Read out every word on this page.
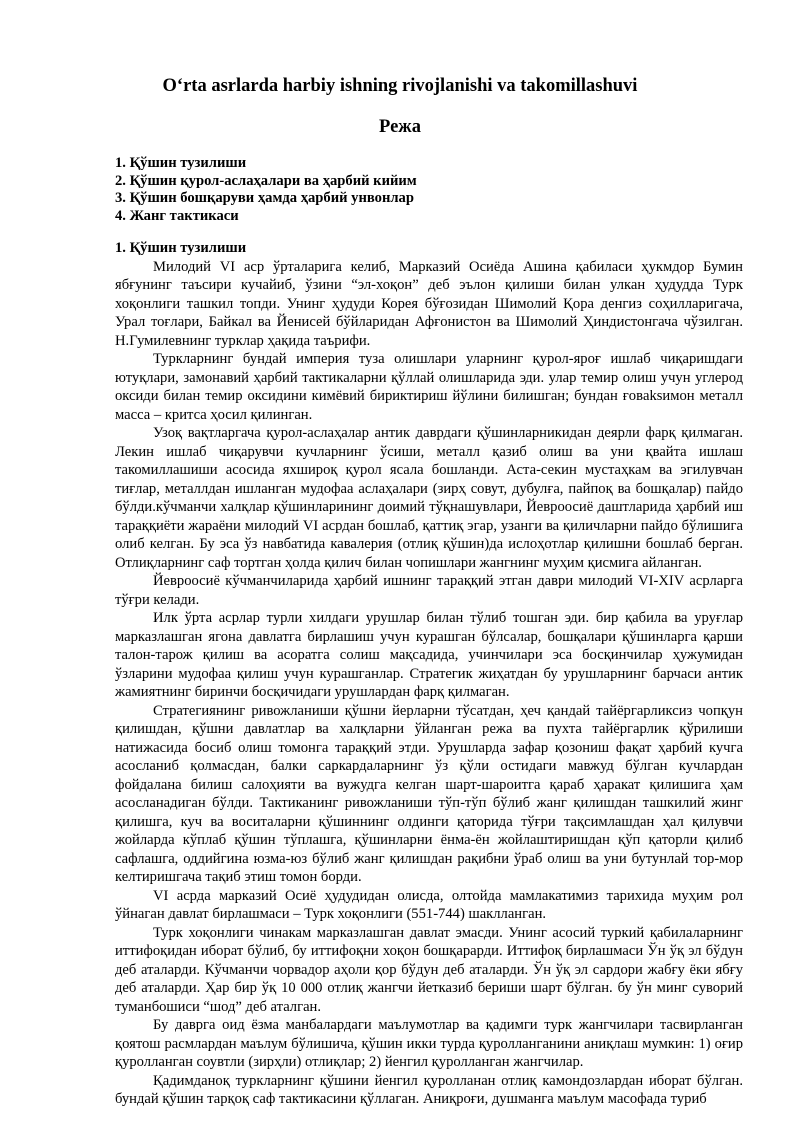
O‘rta asrlarda harbiy ishning rivojlanishi va takomillashuvi
Режа
1. Қўшин тузилиши
2. Қўшин қурол-аслаҳалари ва ҳарбий кийим
3. Қўшин бошқаруви ҳамда ҳарбий унвонлар
4. Жанг тактикаси
1. Қўшин тузилиши

Милодий VI аср ўрталарига келиб, Марказий Осиёда Ашина қабиласи ҳукмдор Бумин ябғунинг таъсири кучайиб, ўзини “эл-хоқон” деб эълон қилиши билан улкан ҳудудда Турк хоқонлиги ташкил топди. Унинг ҳудуди Корея бўғозидан Шимолий Қора денгиз соҳилларигача, Урал тоғлари, Байкал ва Йенисей бўйларидан Афғонистон ва Шимолий Ҳиндистонгача чўзилган. Н.Гумилевнинг турклар ҳақида таърифи.

Туркларнинг бундай империя туза олишлари уларнинг қурол-яроғ ишлаб чиқаришдаги ютуқлари, замонавий ҳарбий тактикаларни қўллай олишларида эди. улар темир олиш учун углерод оксиди билан темир оксидини кимёвий бириктириш йўлини билишган; бундан ғовaksимон металл масса – критса ҳосил қилинган.

Узоқ вақтларгача қурол-аслаҳалар антик даврдаги қўшинларникидан деярли фарқ қилмаган. Лекин ишлаб чиқарувчи кучларнинг ўсиши, металл қазиб олиш ва уни қвайта ишлаш такомиллашиши асосида яхшироқ қурол ясала бошланди. Аста-секин мустаҳкам ва эгилувчан тиғлар, металлдан ишланган мудофаа аслаҳалари (зирҳ совут, дубулға, пайпоқ ва бошқалар) пайдо бўлди.кўчманчи халқлар қўшинларининг доимий тўқнашувлари, Йевроосиё даштларида ҳарбий иш тараққиёти жараёни милодий VI асрдан бошлаб, қаттиқ эгар, узанги ва қиличларни пайдо бўлишига олиб келган. Бу эса ўз навбатида кавалерия (отлиқ қўшин)да ислоҳотлар қилишни бошлаб берган. Отлиқларнинг саф тортган ҳолда қилич билан чопишлари жангнинг муҳим қисмига айланган.

Йевроосиё кўчманчиларида ҳарбий ишнинг тараққий этган даври милодий VI-XIV асрларга тўғри келади.

Илк ўрта асрлар турли хилдаги урушлар билан тўлиб тошган эди. бир қабила ва уруғлар марказлашган ягона давлатга бирлашиш учун курашган бўлсалар, бошқалари қўшинларга қарши талон-тарож қилиш ва асоратга солиш мақсадида, учинчилари эса босқинчилар ҳужумидан ўзларини мудофаа қилиш учун курашганлар. Стратегик жиҳатдан бу урушларнинг барчаси антик жамиятнинг биринчи босқичидаги урушлардан фарқ қилмаган.

Стратегиянинг ривожланиши қўшни йерларни тўсатдан, ҳеч қандай тайёргарликсиз чопқун қилишдан, қўшни давлатлар ва халқларни ўйланган режа ва пухта тайёргарлик қўрилиши натижасида босиб олиш томонга тараққий этди. Урушларда зафар қозониш фақат ҳарбий кучга асосланиб қолмасдан, балки саркардаларнинг ўз қўли остидаги мавжуд бўлган кучлардан фойдалана билиш салоҳияти ва вужудга келган шарт-шароитга қараб ҳаракат қилишига ҳам асосланадиган бўлди. Тактиканинг ривожланиши тўп-тўп бўлиб жанг қилишдан ташкилий жинг қилишга, куч ва воситаларни қўшиннинг олдинги қаторида тўғри тақсимлашдан ҳал қилувчи жойларда кўплаб қўшин тўплашга, қўшинларни ёнма-ён жойлаштиришдан қўп қаторли қилиб сафлашга, оддийгина юзма-юз бўлиб жанг қилишдан рақибни ўраб олиш ва уни бутунлай тор-мор келтиришгача тақиб этиш томон борди.

VI асрда марказий Осиё ҳудудидан олисда, олтойда мамлакатимиз тарихида муҳим рол ўйнаган давлат бирлашмаси – Турк хоқонлиги (551-744) шаклланган.

Турк хоқонлиги чинакам марказлашган давлат эмасди. Унинг асосий туркий қабилаларнинг иттифоқидан иборат бўлиб, бу иттифоқни хоқон бошқарарди. Иттифоқ бирлашмаси Ўн ўқ эл бўдун деб аталарди. Кўчманчи чорвадор аҳоли қор бўдун деб аталарди. Ўн ўқ эл сардори жабғу ёки ябғу деб аталарди. Ҳар бир ўқ 10 000 отлиқ жангчи йетказиб бериши шарт бўлган. бу ўн минг суворий туманбошиси “шод” деб аталган.

Бу даврга оид ёзма манбалардаги маълумотлар ва қадимги турк жангчилари тасвирланган қоятош расмлардан маълум бўлишича, қўшин икки турда қуролланганини аниқлаш мумкин: 1) оғир қуролланган соувтли (зирҳли) отлиқлар; 2) йенгил қуролланган жангчилар.

Қадимданоқ туркларнинг қўшини йенгил қуролланан отлиқ камондозлардан иборат бўлган. бундай қўшин тарқоқ саф тактикасини қўллаган. Аниқроғи, душманга маълум масофада туриб
